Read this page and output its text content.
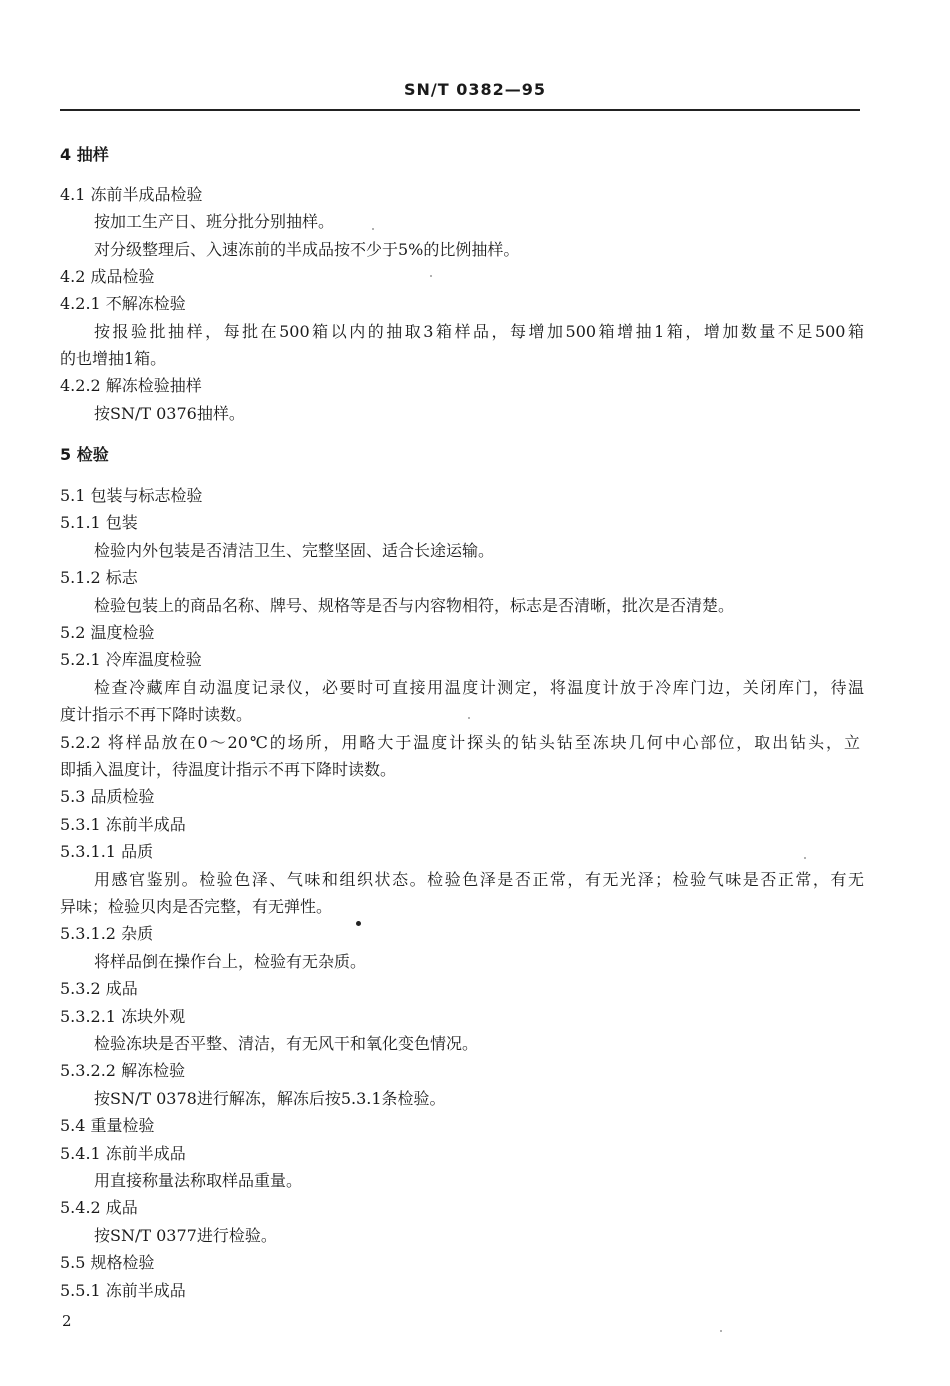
SN/T 0382—95
4 抽样
4.1 冻前半成品检验
按加工生产日、班分批分别抽样。
对分级整理后、入速冻前的半成品按不少于5%的比例抽样。
4.2 成品检验
4.2.1 不解冻检验
按报验批抽样，每批在500箱以内的抽取3箱样品，每增加500箱增抽1箱，增加数量不足500箱
的也增抽1箱。
4.2.2 解冻检验抽样
按SN/T 0376抽样。
5 检验
5.1 包装与标志检验
5.1.1 包装
检验内外包装是否清洁卫生、完整坚固、适合长途运输。
5.1.2 标志
检验包装上的商品名称、牌号、规格等是否与内容物相符，标志是否清晰，批次是否清楚。
5.2 温度检验
5.2.1 冷库温度检验
检查冷藏库自动温度记录仪，必要时可直接用温度计测定，将温度计放于冷库门边，关闭库门，待温
度计指示不再下降时读数。
5.2.2 将样品放在0～20℃的场所，用略大于温度计探头的钻头钻至冻块几何中心部位，取出钻头，立
即插入温度计，待温度计指示不再下降时读数。
5.3 品质检验
5.3.1 冻前半成品
5.3.1.1 品质
用感官鉴别。检验色泽、气味和组织状态。检验色泽是否正常，有无光泽；检验气味是否正常，有无
异味；检验贝肉是否完整，有无弹性。
5.3.1.2 杂质
将样品倒在操作台上，检验有无杂质。
5.3.2 成品
5.3.2.1 冻块外观
检验冻块是否平整、清洁，有无风干和氧化变色情况。
5.3.2.2 解冻检验
按SN/T 0378进行解冻，解冻后按5.3.1条检验。
5.4 重量检验
5.4.1 冻前半成品
用直接称量法称取样品重量。
5.4.2 成品
按SN/T 0377进行检验。
5.5 规格检验
5.5.1 冻前半成品
2
